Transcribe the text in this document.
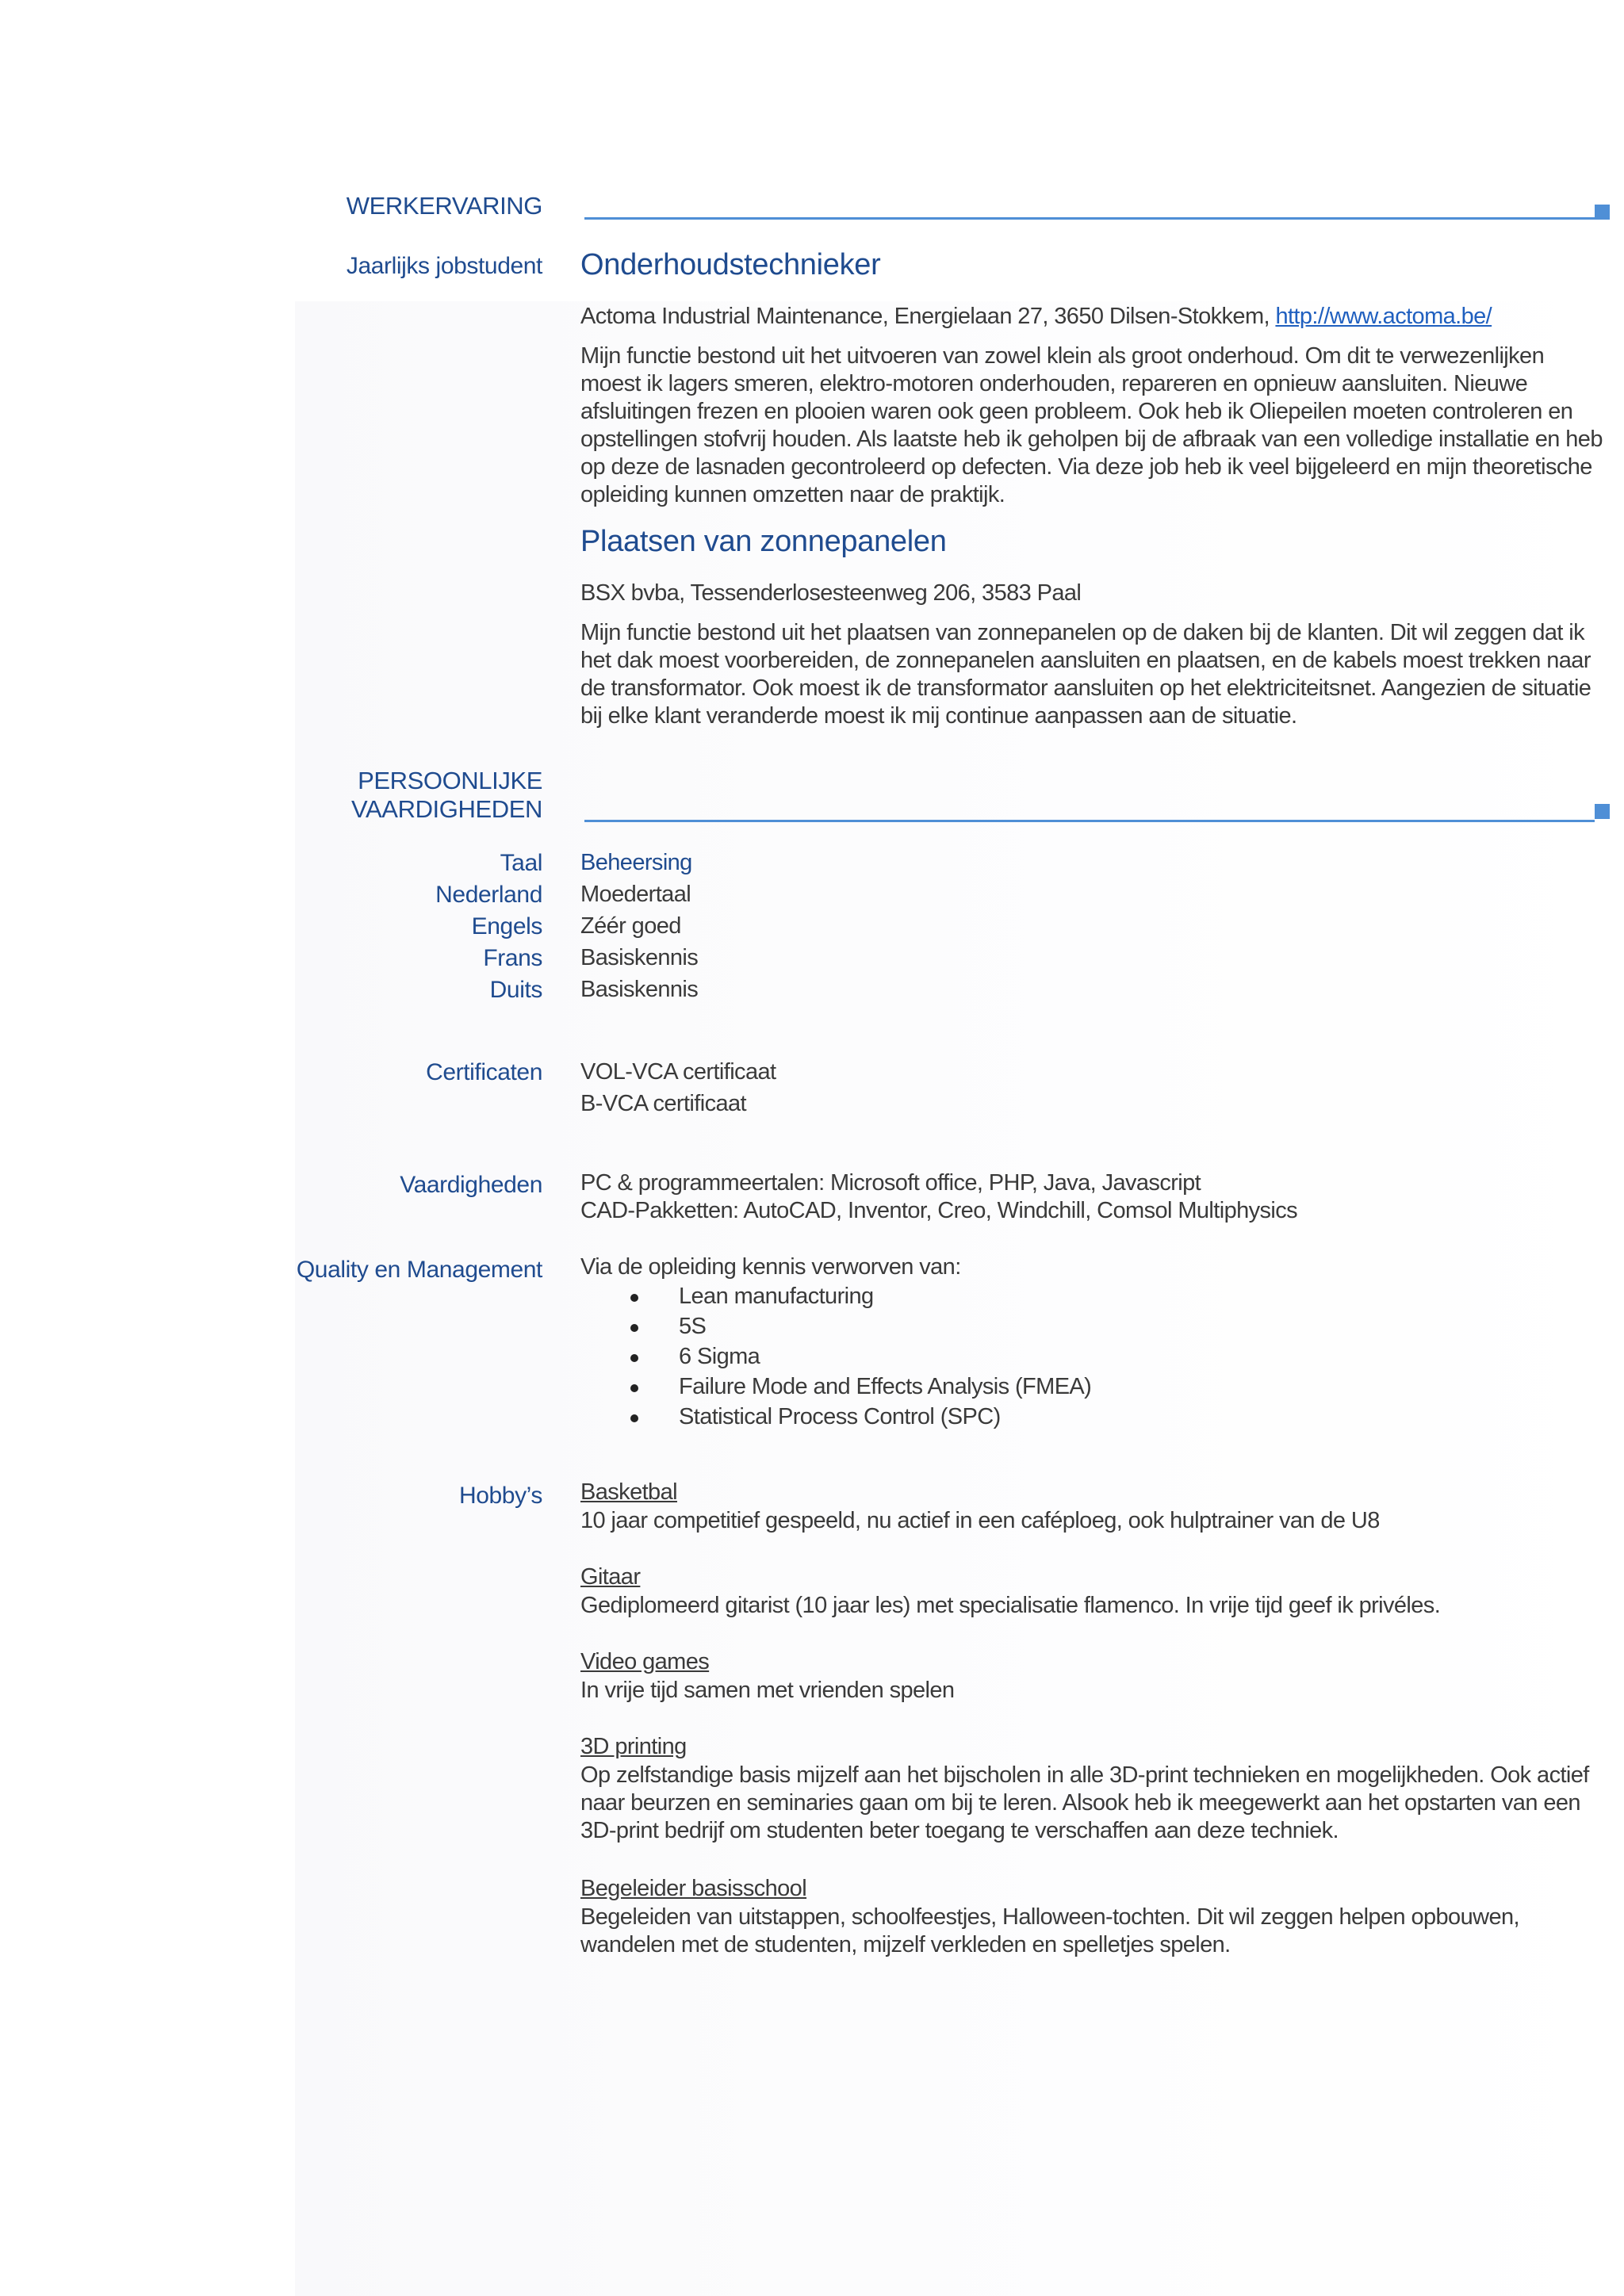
WERKERVARING
Jaarlijks jobstudent Onderhoudstechnieker
Actoma Industrial Maintenance, Energielaan 27, 3650 Dilsen-Stokkem, http://www.actoma.be/
Mijn functie bestond uit het uitvoeren van zowel klein als groot onderhoud. Om dit te verwezenlijken moest ik lagers smeren, elektro-motoren onderhouden, repareren en opnieuw aansluiten. Nieuwe afsluitingen frezen en plooien waren ook geen probleem. Ook heb ik Oliepeilen moeten controleren en opstellingen stofvrij houden. Als laatste heb ik geholpen bij de afbraak van een volledige installatie en heb op deze de lasnaden gecontroleerd op defecten. Via deze job heb ik veel bijgeleerd en mijn theoretische opleiding kunnen omzetten naar de praktijk.
Plaatsen van zonnepanelen
BSX bvba, Tessenderlosesteenweg 206, 3583 Paal
Mijn functie bestond uit het plaatsen van zonnepanelen op de daken bij de klanten. Dit wil zeggen dat ik het dak moest voorbereiden, de zonnepanelen aansluiten en plaatsen, en de kabels moest trekken naar de transformator. Ook moest ik de transformator aansluiten op het elektriciteitsnet. Aangezien de situatie bij elke klant veranderde moest ik mij continue aanpassen aan de situatie.
PERSOONLIJKE
VAARDIGHEDEN
Taal Beheersing
Nederland Moedertaal
Engels Zéér goed
Frans Basiskennis
Duits Basiskennis
Certificaten VOL-VCA certificaat
B-VCA certificaat
Vaardigheden PC & programmeertalen: Microsoft office, PHP, Java, Javascript
CAD-Pakketten: AutoCAD, Inventor, Creo, Windchill, Comsol Multiphysics
Quality en Management Via de opleiding kennis verworven van:
Lean manufacturing
5S
6 Sigma
Failure Mode and Effects Analysis (FMEA)
Statistical Process Control (SPC)
Hobby’s Basketbal
10 jaar competitief gespeeld, nu actief in een caféploeg, ook hulptrainer van de U8
Gitaar
Gediplomeerd gitarist (10 jaar les) met specialisatie flamenco. In vrije tijd geef ik privéles.
Video games
In vrije tijd samen met vrienden spelen
3D printing
Op zelfstandige basis mijzelf aan het bijscholen in alle 3D-print technieken en mogelijkheden. Ook actief naar beurzen en seminaries gaan om bij te leren. Alsook heb ik meegewerkt aan het opstarten van een 3D-print bedrijf om studenten beter toegang te verschaffen aan deze techniek.
Begeleider basisschool
Begeleiden van uitstappen, schoolfeestjes, Halloween-tochten. Dit wil zeggen helpen opbouwen, wandelen met de studenten, mijzelf verkleden en spelletjes spelen.
